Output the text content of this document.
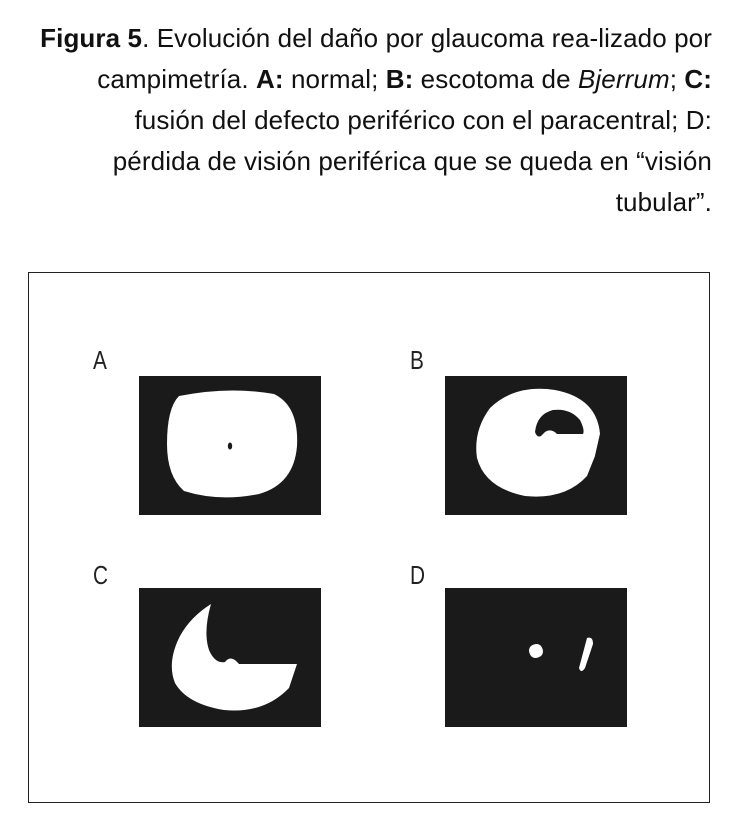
Figura 5. Evolución del daño por glaucoma rea-lizado por campimetría. A: normal; B: escotoma de Bjerrum; C: fusión del defecto periférico con el paracentral; D: pérdida de visión periférica que se queda en “visión tubular”.
A	B
C	D
